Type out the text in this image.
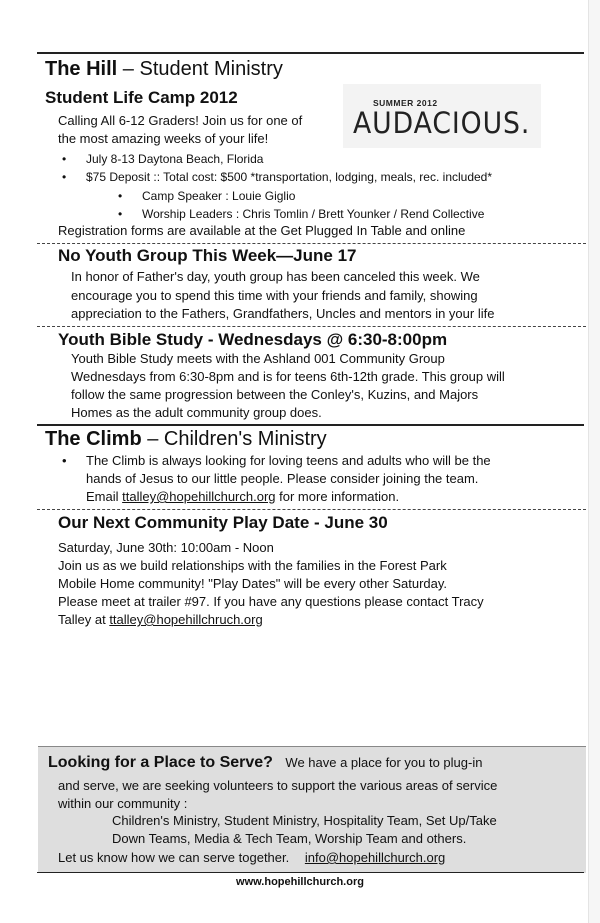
The Hill – Student Ministry
Student Life Camp 2012	SUMMER 2012
AUDACIOUS.
Calling All 6-12 Graders! Join us for one of
the most amazing weeks of your life!
• July 8-13 Daytona Beach, Florida
• $75 Deposit :: Total cost: $500 *transportation, lodging, meals, rec. included*
• Camp Speaker : Louie Giglio
• Worship Leaders : Chris Tomlin / Brett Younker / Rend Collective
Registration forms are available at the Get Plugged In Table and online
No Youth Group This Week—June 17
In honor of Father's day, youth group has been canceled this week. We
encourage you to spend this time with your friends and family, showing
appreciation to the Fathers, Grandfathers, Uncles and mentors in your life
Youth Bible Study - Wednesdays @ 6:30-8:00pm
Youth Bible Study meets with the Ashland 001 Community Group
Wednesdays from 6:30-8pm and is for teens 6th-12th grade. This group will
follow the same progression between the Conley's, Kuzins, and Majors
Homes as the adult community group does.
The Climb – Children's Ministry
• The Climb is always looking for loving teens and adults who will be the
hands of Jesus to our little people. Please consider joining the team.
Email ttalley@hopehillchurch.org for more information.
Our Next Community Play Date - June 30
Saturday, June 30th: 10:00am - Noon
Join us as we build relationships with the families in the Forest Park
Mobile Home community! "Play Dates" will be every other Saturday.
Please meet at trailer #97. If you have any questions please contact Tracy
Talley at ttalley@hopehillchruch.org
Looking for a Place to Serve? We have a place for you to plug-in
and serve, we are seeking volunteers to support the various areas of service
within our community :
Children's Ministry, Student Ministry, Hospitality Team, Set Up/Take
Down Teams, Media & Tech Team, Worship Team and others.
Let us know how we can serve together. info@hopehillchurch.org
www.hopehillchurch.org
